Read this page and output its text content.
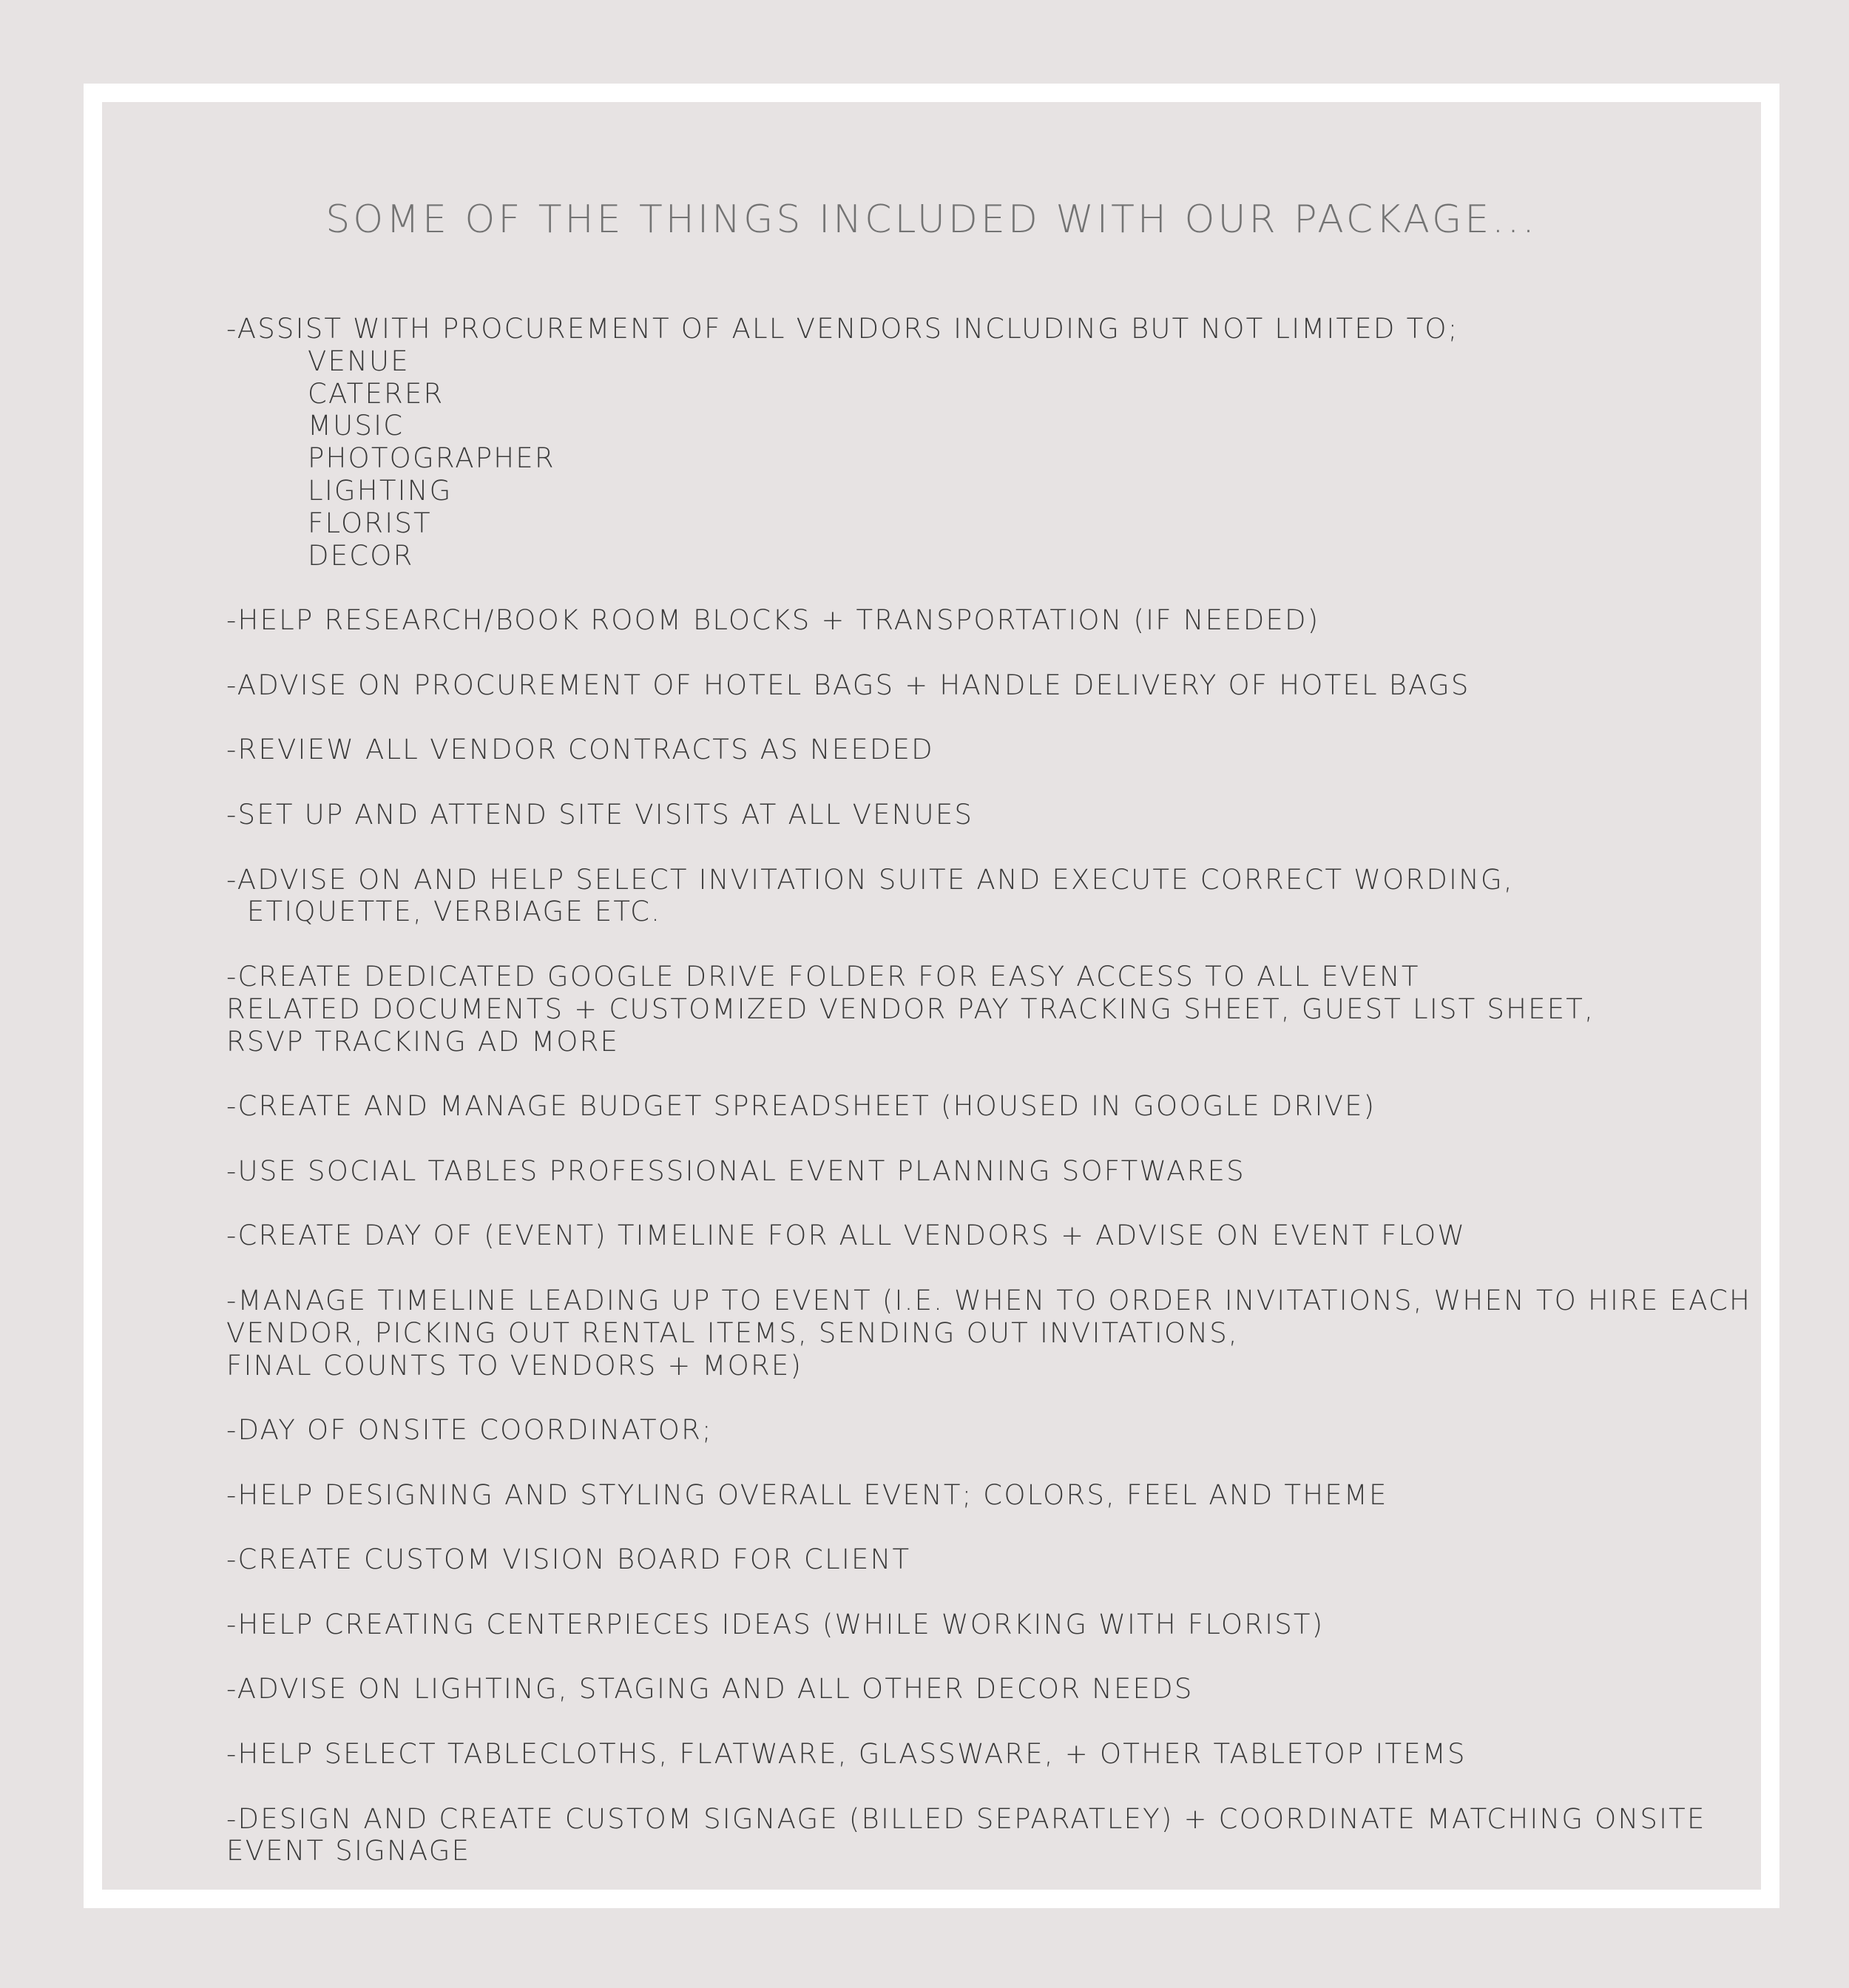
SOME OF THE THINGS INCLUDED WITH OUR PACKAGE...
-ASSIST WITH PROCUREMENT OF ALL VENDORS INCLUDING BUT NOT LIMITED TO;
VENUE
CATERER
MUSIC
PHOTOGRAPHER
LIGHTING
FLORIST
DECOR
-HELP RESEARCH/BOOK ROOM BLOCKS + TRANSPORTATION (IF NEEDED)
-ADVISE ON PROCUREMENT OF HOTEL BAGS + HANDLE DELIVERY OF HOTEL BAGS
-REVIEW ALL VENDOR CONTRACTS AS NEEDED
-SET UP AND ATTEND SITE VISITS AT ALL VENUES
-ADVISE ON AND HELP SELECT INVITATION SUITE AND EXECUTE CORRECT WORDING,
ETIQUETTE, VERBIAGE ETC.
-CREATE DEDICATED GOOGLE DRIVE FOLDER FOR EASY ACCESS TO ALL EVENT
RELATED DOCUMENTS + CUSTOMIZED VENDOR PAY TRACKING SHEET, GUEST LIST SHEET,
RSVP TRACKING AD MORE
-CREATE AND MANAGE BUDGET SPREADSHEET (HOUSED IN GOOGLE DRIVE)
-USE SOCIAL TABLES PROFESSIONAL EVENT PLANNING SOFTWARES
-CREATE DAY OF (EVENT) TIMELINE FOR ALL VENDORS + ADVISE ON EVENT FLOW
-MANAGE TIMELINE LEADING UP TO EVENT (I.E. WHEN TO ORDER INVITATIONS, WHEN TO HIRE EACH
VENDOR, PICKING OUT RENTAL ITEMS, SENDING OUT INVITATIONS,
FINAL COUNTS TO VENDORS + MORE)
-DAY OF ONSITE COORDINATOR;
-HELP DESIGNING AND STYLING OVERALL EVENT; COLORS, FEEL AND THEME
-CREATE CUSTOM VISION BOARD FOR CLIENT
-HELP CREATING CENTERPIECES IDEAS (WHILE WORKING WITH FLORIST)
-ADVISE ON LIGHTING, STAGING AND ALL OTHER DECOR NEEDS
-HELP SELECT TABLECLOTHS, FLATWARE, GLASSWARE, + OTHER TABLETOP ITEMS
-DESIGN AND CREATE CUSTOM SIGNAGE (BILLED SEPARATLEY) + COORDINATE MATCHING ONSITE
EVENT SIGNAGE
